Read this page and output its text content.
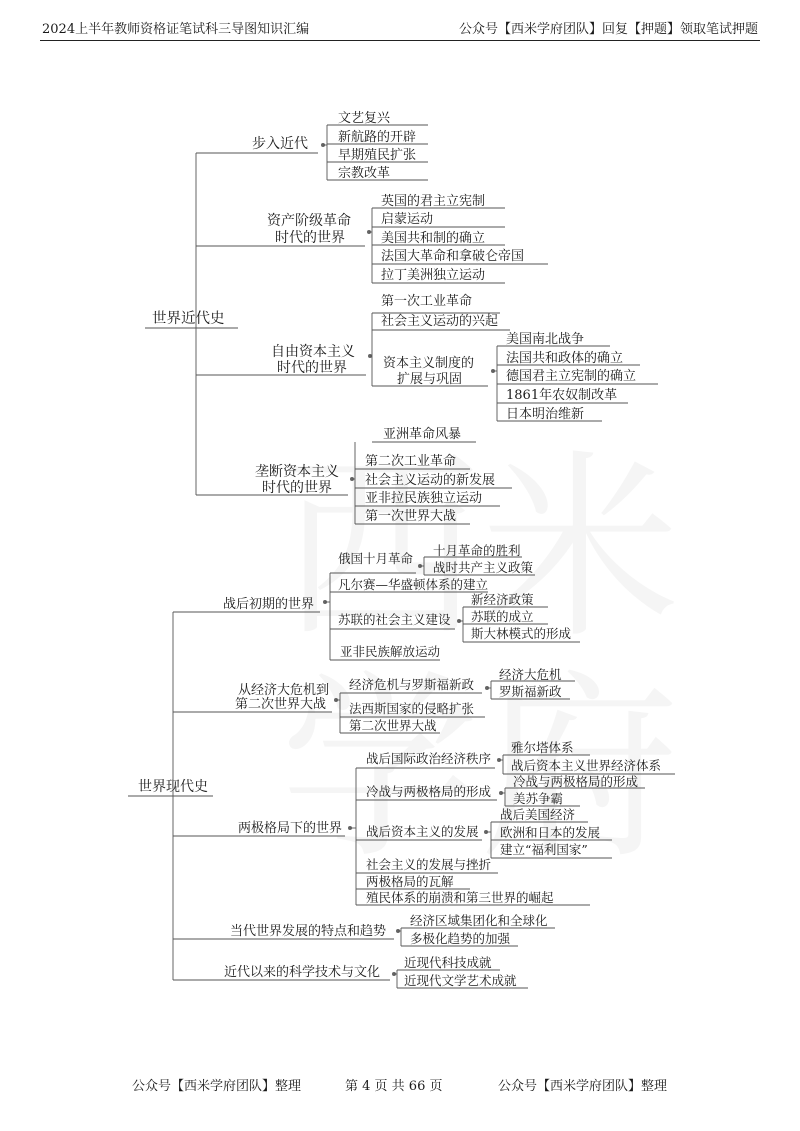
2024上半年教师资格证笔试科三导图知识汇编	公众号【西米学府团队】回复【押题】领取笔试押题
世界近代史
步入近代
文艺复兴
新航路的开辟
早期殖民扩张
宗教改革
资产阶级革命
时代的世界
英国的君主立宪制
启蒙运动
美国共和制的确立
法国大革命和拿破仑帝国
拉丁美洲独立运动
自由资本主义
时代的世界
第一次工业革命
社会主义运动的兴起
资本主义制度的
扩展与巩固
美国南北战争
法国共和政体的确立
德国君主立宪制的确立
1861年农奴制改革
日本明治维新
垄断资本主义
时代的世界
亚洲革命风暴
第二次工业革命
社会主义运动的新发展
亚非拉民族独立运动
第一次世界大战
世界现代史
战后初期的世界
俄国十月革命
十月革命的胜利
战时共产主义政策
凡尔赛—华盛顿体系的建立
苏联的社会主义建设
新经济政策
苏联的成立
斯大林模式的形成
亚非民族解放运动
从经济大危机到
第二次世界大战
经济危机与罗斯福新政
经济大危机
罗斯福新政
法西斯国家的侵略扩张
第二次世界大战
两极格局下的世界
战后国际政治经济秩序
雅尔塔体系
战后资本主义世界经济体系
冷战与两极格局的形成
冷战与两极格局的形成
美苏争霸
战后资本主义的发展
战后美国经济
欧洲和日本的发展
建立“福利国家”
社会主义的发展与挫折
两极格局的瓦解
殖民体系的崩溃和第三世界的崛起
当代世界发展的特点和趋势
经济区域集团化和全球化
多极化趋势的加强
近代以来的科学技术与文化
近现代科技成就
近现代文学艺术成就
公众号【西米学府团队】整理	第 4 页 共 66 页	公众号【西米学府团队】整理
